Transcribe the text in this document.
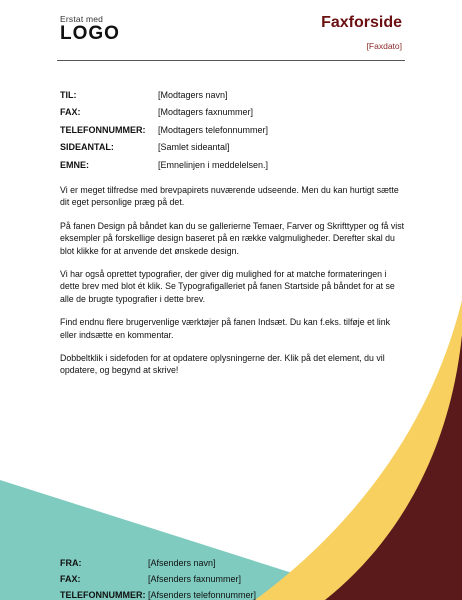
Erstat med
LOGO
Faxforside
[Faxdato]
TIL:	[Modtagers navn]
FAX:	[Modtagers faxnummer]
TELEFONNUMMER:	[Modtagers telefonnummer]
SIDEANTAL:	[Samlet sideantal]
EMNE:	[Emnelinjen i meddelelsen.]

Vi er meget tilfredse med brevpapirets nuværende udseende. Men du kan hurtigt sætte dit eget personlige præg på det.

På fanen Design på båndet kan du se gallerierne Temaer, Farver og Skrifttyper og få vist eksempler på forskellige design baseret på en række valgmuligheder. Derefter skal du blot klikke for at anvende det ønskede design.

Vi har også oprettet typografier, der giver dig mulighed for at matche formateringen i dette brev med blot ét klik. Se Typografigalleriet på fanen Startside på båndet for at se alle de brugte typografier i dette brev.

Find endnu flere brugervenlige værktøjer på fanen Indsæt. Du kan f.eks. tilføje et link eller indsætte en kommentar.

Dobbeltklik i sidefoden for at opdatere oplysningerne der. Klik på det element, du vil opdatere, og begynd at skrive!

FRA:	[Afsenders navn]
FAX:	[Afsenders faxnummer]
TELEFONNUMMER: [Afsenders telefonnummer]
